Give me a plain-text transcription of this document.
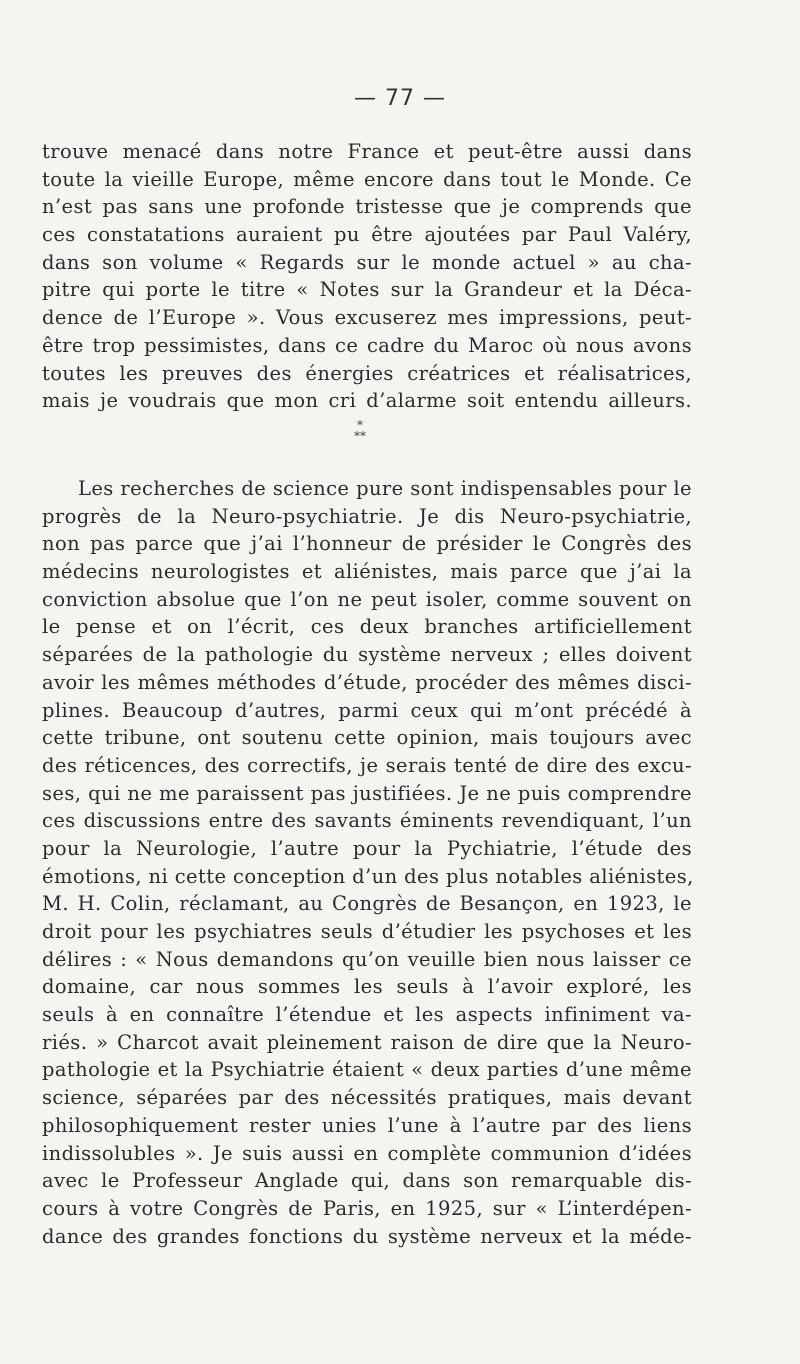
— 77 —
trouve menacé dans notre France et peut-être aussi dans
toute la vieille Europe, même encore dans tout le Monde. Ce
n’est pas sans une profonde tristesse que je comprends que
ces constatations auraient pu être ajoutées par Paul Valéry,
dans son volume « Regards sur le monde actuel » au cha-
pitre qui porte le titre « Notes sur la Grandeur et la Déca-
dence de l’Europe ». Vous excuserez mes impressions, peut-
être trop pessimistes, dans ce cadre du Maroc où nous avons
toutes les preuves des énergies créatrices et réalisatrices,
mais je voudrais que mon cri d’alarme soit entendu ailleurs.
*
**
Les recherches de science pure sont indispensables pour le
progrès de la Neuro-psychiatrie. Je dis Neuro-psychiatrie,
non pas parce que j’ai l’honneur de présider le Congrès des
médecins neurologistes et aliénistes, mais parce que j’ai la
conviction absolue que l’on ne peut isoler, comme souvent on
le pense et on l’écrit, ces deux branches artificiellement
séparées de la pathologie du système nerveux ; elles doivent
avoir les mêmes méthodes d’étude, procéder des mêmes disci-
plines. Beaucoup d’autres, parmi ceux qui m’ont précédé à
cette tribune, ont soutenu cette opinion, mais toujours avec
des réticences, des correctifs, je serais tenté de dire des excu-
ses, qui ne me paraissent pas justifiées. Je ne puis comprendre
ces discussions entre des savants éminents revendiquant, l’un
pour la Neurologie, l’autre pour la Pychiatrie, l’étude des
émotions, ni cette conception d’un des plus notables aliénistes,
M. H. Colin, réclamant, au Congrès de Besançon, en 1923, le
droit pour les psychiatres seuls d’étudier les psychoses et les
délires : « Nous demandons qu’on veuille bien nous laisser ce
domaine, car nous sommes les seuls à l’avoir exploré, les
seuls à en connaître l’étendue et les aspects infiniment va-
riés. » Charcot avait pleinement raison de dire que la Neuro-
pathologie et la Psychiatrie étaient « deux parties d’une même
science, séparées par des nécessités pratiques, mais devant
philosophiquement rester unies l’une à l’autre par des liens
indissolubles ». Je suis aussi en complète communion d’idées
avec le Professeur Anglade qui, dans son remarquable dis-
cours à votre Congrès de Paris, en 1925, sur « L’interdépen-
dance des grandes fonctions du système nerveux et la méde-
